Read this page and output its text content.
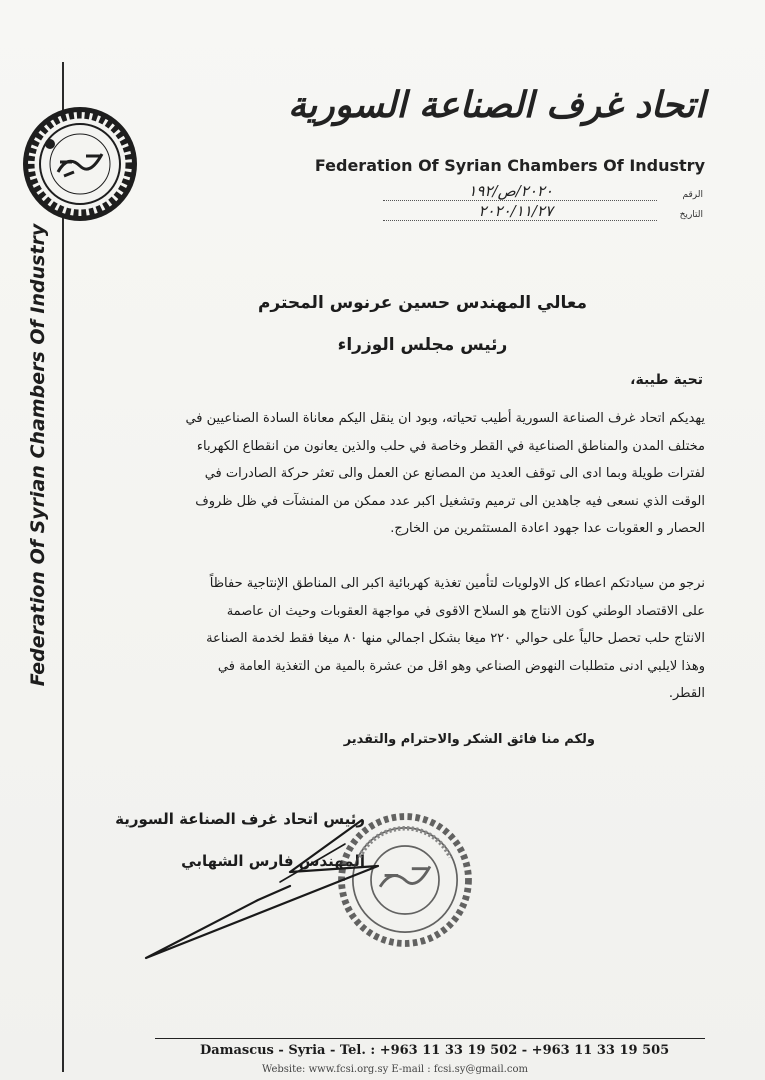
Federation Of Syrian Chambers Of Industry
اتحاد غرف الصناعة السورية
Federation Of Syrian Chambers Of Industry
الرقم
٢٠٢٠/ص/١٩٢
التاريخ
٢٠٢٠/١١/٢٧
معالي المهندس حسين عرنوس المحترم
رئيس مجلس الوزراء
تحية طيبة،
يهديكم اتحاد غرف الصناعة السورية أطيب تحياته، وبود ان ينقل اليكم معاناة السادة الصناعيين في
مختلف المدن والمناطق الصناعية في القطر وخاصة في حلب والذين يعانون من انقطاع الكهرباء
لفترات طويلة وبما ادى الى توقف العديد من المصانع عن العمل والى تعثر حركة الصادرات في
الوقت الذي نسعى فيه جاهدين الى ترميم وتشغيل اكبر عدد ممكن من المنشآت في ظل ظروف
الحصار و العقوبات عدا جهود اعادة المستثمرين من الخارج.
نرجو من سيادتكم اعطاء كل الاولويات لتأمين تغذية كهربائية اكبر الى المناطق الإنتاجية حفاظاً
على الاقتصاد الوطني كون الانتاج هو السلاح الاقوى في مواجهة العقوبات وحيث ان عاصمة
الانتاج حلب تحصل حالياً على حوالي ٢٢٠ ميغا بشكل اجمالي منها ٨٠ ميغا فقط لخدمة الصناعة
وهذا لايلبي ادنى متطلبات النهوض الصناعي وهو اقل من عشرة بالمية من التغذية العامة في
القطر.
ولكم منا فائق الشكر والاحترام والتقدير
رئيس اتحاد غرف الصناعة السورية
المهندس فارس الشهابي
Damascus - Syria - Tel. : +963 11 33 19 502 - +963 11 33 19 505
Website: www.fcsi.org.sy E-mail : fcsi.sy@gmail.com
